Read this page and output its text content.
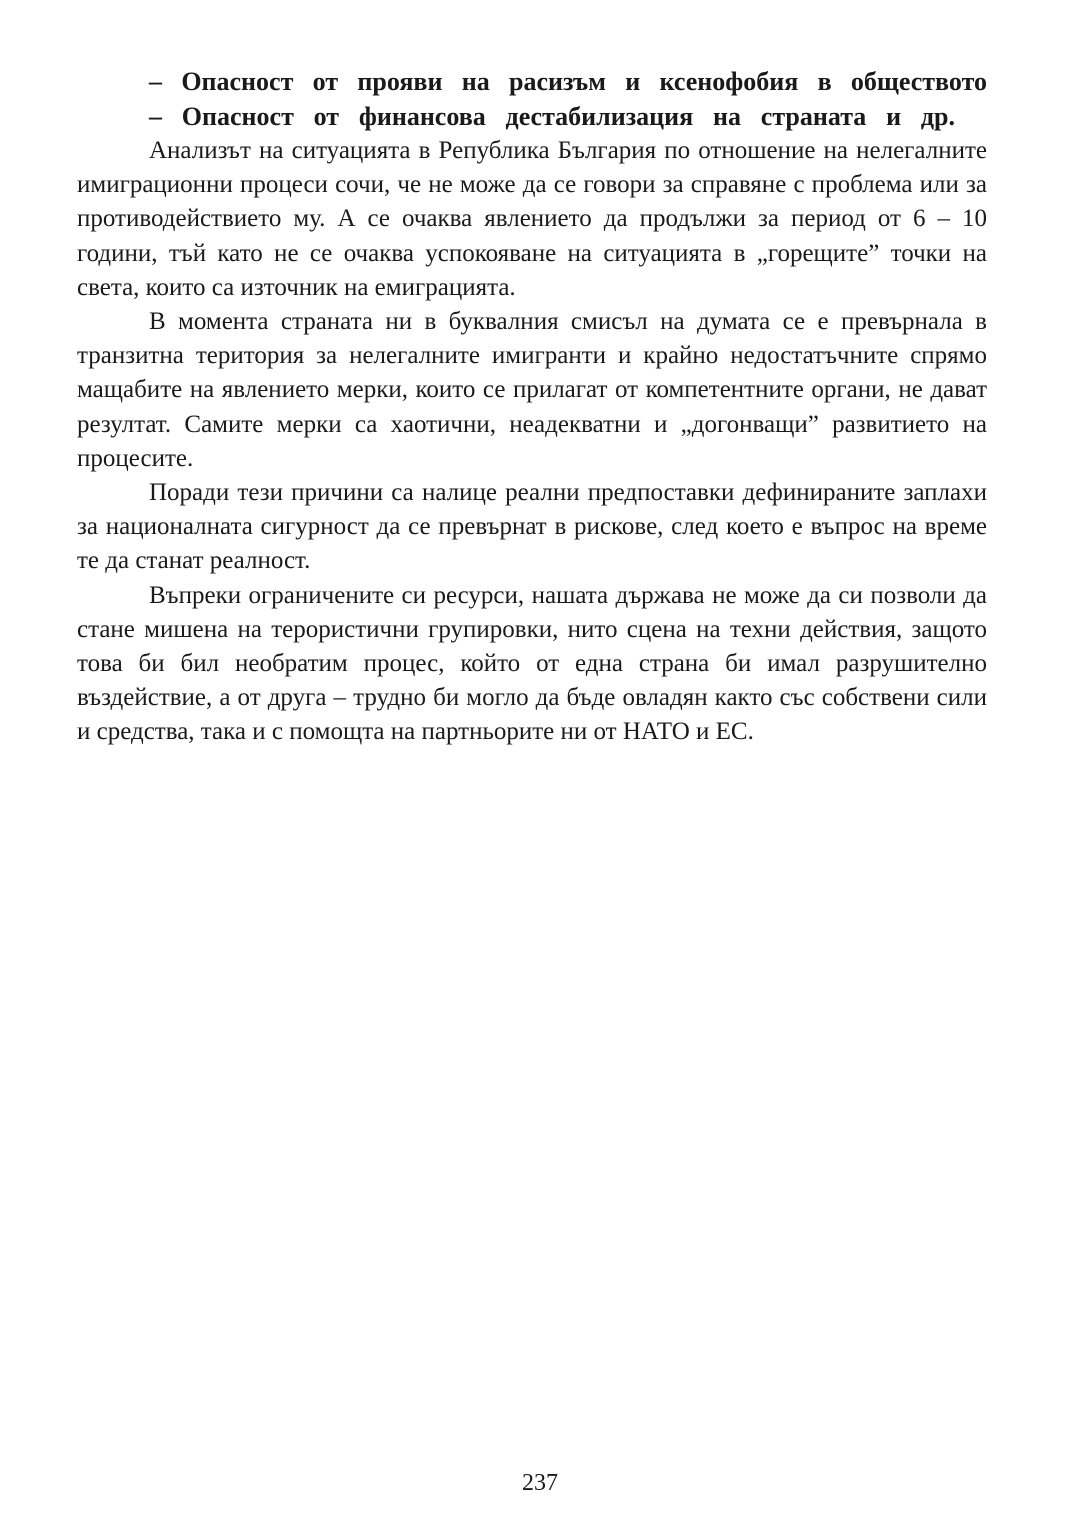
– Опасност от прояви на расизъм и ксенофобия в обществото
– Опасност от финансова дестабилизация на страната и др.

Анализът на ситуацията в Република България по отношение на нелегалните имиграционни процеси сочи, че не може да се говори за справяне с проблема или за противодействието му. А се очаква явлението да продължи за период от 6 – 10 години, тъй като не се очаква успокояване на ситуацията в „горещите” точки на света, които са източник на емиграцията.

В момента страната ни в буквалния смисъл на думата се е превърнала в транзитна територия за нелегалните имигранти и крайно недостатъчните спрямо мащабите на явлението мерки, които се прилагат от компетентните органи, не дават резултат. Самите мерки са хаотични, неадекватни и „догонващи” развитието на процесите.

Поради тези причини са налице реални предпоставки дефинираните заплахи за националната сигурност да се превърнат в рискове, след което е въпрос на време те да станат реалност.

Въпреки ограничените си ресурси, нашата държава не може да си позволи да стане мишена на терористични групировки, нито сцена на техни действия, защото това би бил необратим процес, който от една страна би имал разрушително въздействие, а от друга – трудно би могло да бъде овладян както със собствени сили и средства, така и с помощта на партньорите ни от НАТО и ЕС.

237
